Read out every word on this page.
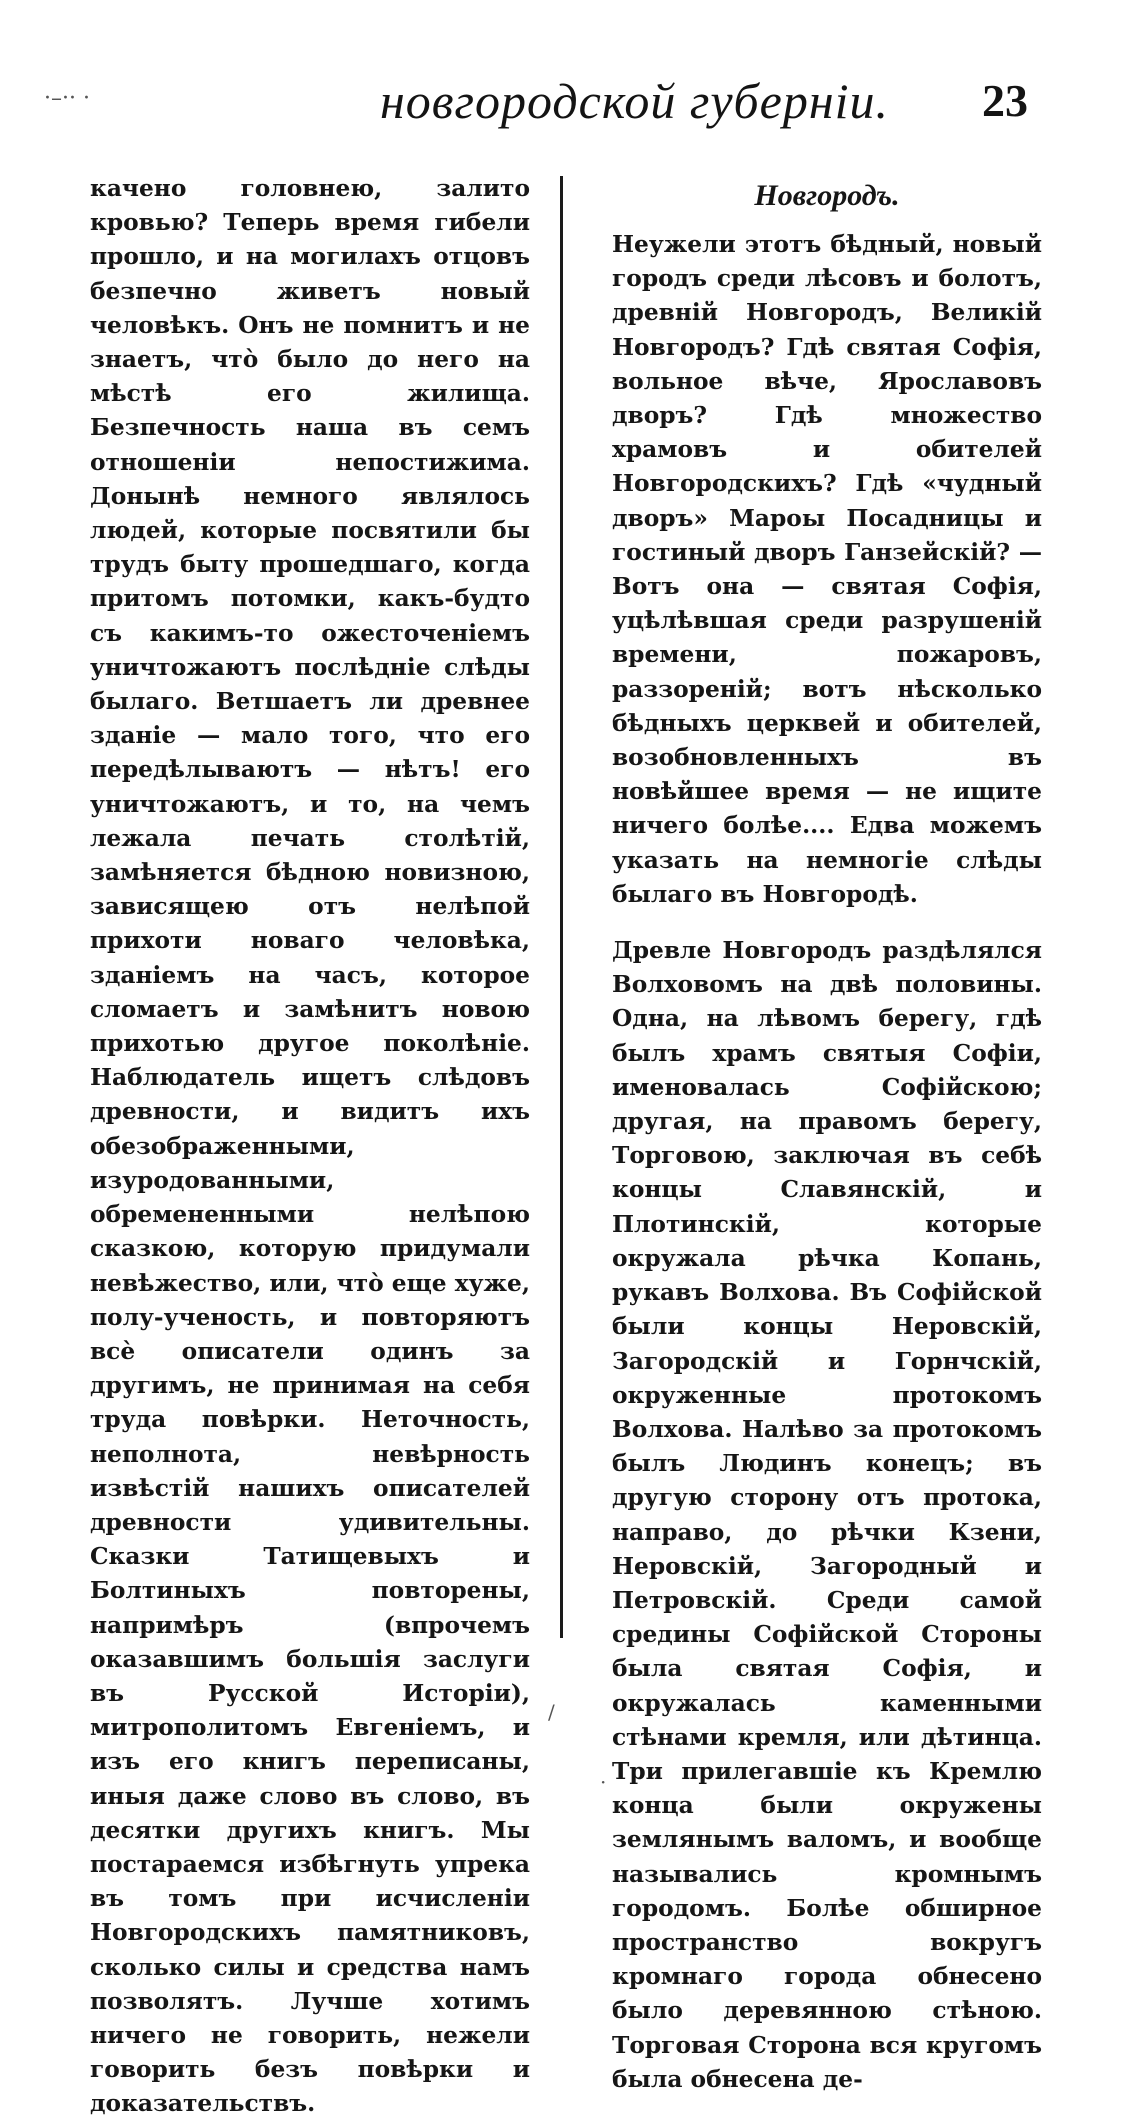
·–·· ·	новгородской губерніи. 23

качено головнею, залито кровью? Теперь время гибели прошло, и на могилахъ отцовъ безпечно живетъ новый человѣкъ. Онъ не помнитъ и не знаетъ, что̀ было до него на мѣстѣ его жилища. Безпечность наша въ семъ отношеніи непостижима. Донынѣ немного являлось людей, которые посвятили бы трудъ быту прошедшаго, когда притомъ потомки, какъ-будто съ какимъ-то ожесточеніемъ уничтожаютъ послѣдніе слѣды былаго. Ветшаетъ ли древнее зданіе — мало того, что его передѣлываютъ — нѣтъ! его уничтожаютъ, и то, на чемъ лежала печать столѣтій, замѣняется бѣдною новизною, зависящею отъ нелѣпой прихоти новаго человѣка, зданіемъ на часъ, которое сломаетъ и замѣнитъ новою прихотью другое поколѣніе. Наблюдатель ищетъ слѣдовъ древности, и видитъ ихъ обезображенными, изуродованными, обремененными нелѣпою сказкою, которую придумали невѣжество, или, что̀ еще хуже, полу-ученость, и повторяютъ всѐ описатели одинъ за другимъ, не принимая на себя труда повѣрки. Неточность, неполнота, невѣрность извѣстій нашихъ описателей древности удивительны. Сказки Татищевыхъ и Болтиныхъ повторены, напримѣръ (впрочемъ оказавшимъ большія заслуги въ Русской Исторіи), митрополитомъ Евгеніемъ, и изъ его книгъ переписаны, иныя даже слово въ слово, въ десятки другихъ книгъ. Мы постараемся избѣгнуть упрека въ томъ при исчисленіи Новгородскихъ памятниковъ, сколько силы и средства намъ позволятъ. Лучше хотимъ ничего не говорить, нежели говорить безъ повѣрки и доказательствъ.

Новгородъ.

Неужели этотъ бѣдный, новый городъ среди лѣсовъ и болотъ, древній Новгородъ, Великій Новгородъ? Гдѣ святая Софія, вольное вѣче, Ярославовъ дворъ? Гдѣ множество храмовъ и обителей Новгородскихъ? Гдѣ «чудный дворъ» Мароы Посадницы и гостиный дворъ Ганзейскій? — Вотъ она — святая Софія, уцѣлѣвшая среди разрушеній времени, пожаровъ, раззореній; вотъ нѣсколько бѣдныхъ церквей и обителей, возобновленныхъ въ новѣйшее время — не ищите ничего болѣе.... Едва можемъ указать на немногіе слѣды былаго въ Новгородѣ.

Древле Новгородъ раздѣлялся Волховомъ на двѣ половины. Одна, на лѣвомъ берегу, гдѣ былъ храмъ святыя Софіи, именовалась Софійскою; другая, на правомъ берегу, Торговою, заключая въ себѣ концы Славянскій, и Плотинскій, которые окружала рѣчка Копань, рукавъ Волхова. Въ Софійской были концы Неровскій, Загородскій и Горнчскій, окруженные протокомъ Волхова. Налѣво за протокомъ былъ Людинъ конецъ; въ другую сторону отъ протока, направо, до рѣчки Кзени, Неровскій, Загородный и Петровскій. Среди самой средины Софійской Стороны была святая Софія, и окружалась каменными стѣнами кремля, или дѣтинца. Три прилегавшіе къ Кремлю конца были окружены землянымъ валомъ, и вообще назывались кромнымъ городомъ. Болѣе обширное пространство вокругъ кромнаго города обнесено было деревянною стѣною. Торговая Сторона вся кругомъ была обнесена де-

/
·
